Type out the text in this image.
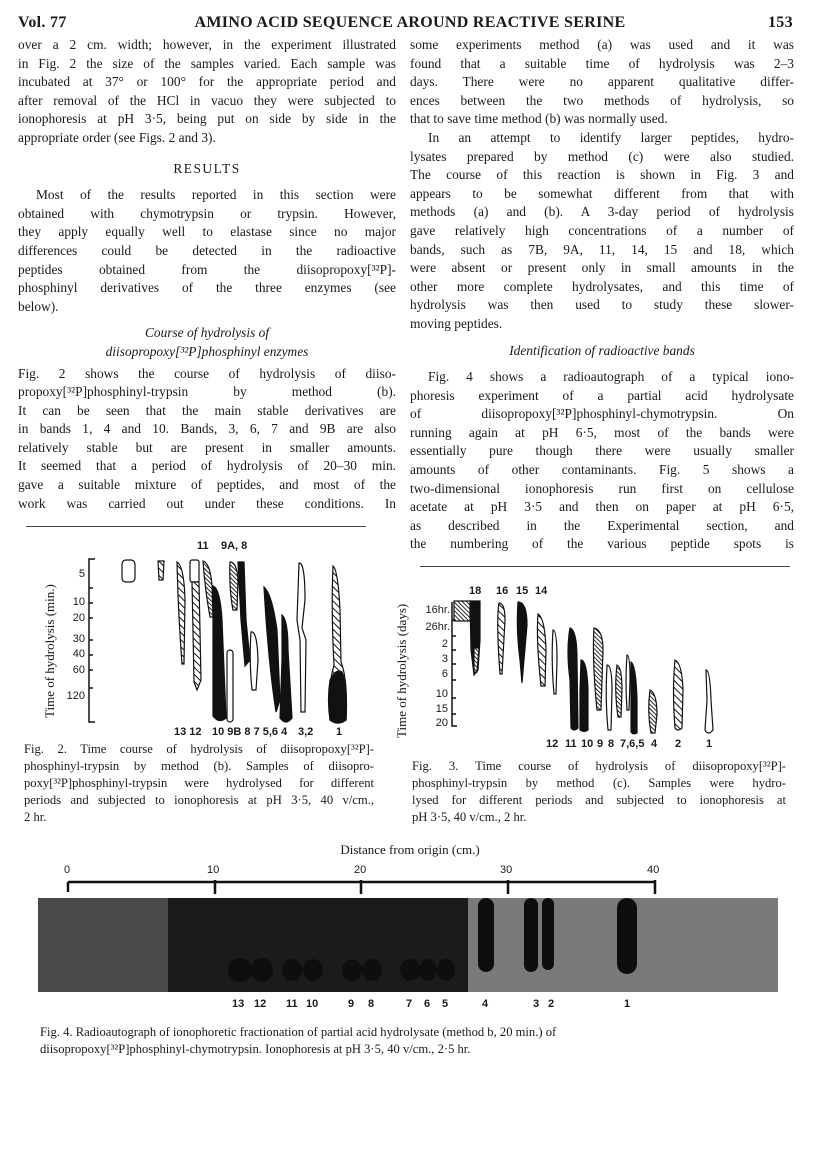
Vol. 77	AMINO ACID SEQUENCE AROUND REACTIVE SERINE	153
over a 2 cm. width; however, in the experiment illustrated
in Fig. 2 the size of the samples varied. Each sample was
incubated at 37° or 100° for the appropriate period and
after removal of the HCl in vacuo they were subjected to
ionophoresis at pH 3·5, being put on side by side in the
appropriate order (see Figs. 2 and 3).
RESULTS
Most of the results reported in this section were
obtained with chymotrypsin or trypsin. However,
they apply equally well to elastase since no major
differences could be detected in the radioactive
peptides obtained from the diisopropoxy[³²P]-
phosphinyl derivatives of the three enzymes (see
below).
Course of hydrolysis of
diisopropoxy[³²P]phosphinyl enzymes
Fig. 2 shows the course of hydrolysis of diiso-
propoxy[³²P]phosphinyl-trypsin by method (b).
It can be seen that the main stable derivatives are
in bands 1, 4 and 10. Bands, 3, 6, 7 and 9B are also
relatively stable but are present in smaller amounts.
It seemed that a period of hydrolysis of 20–30 min.
gave a suitable mixture of peptides, and most of the
work was carried out under these conditions. In
some experiments method (a) was used and it was
found that a suitable time of hydrolysis was 2–3
days. There were no apparent qualitative differ-
ences between the two methods of hydrolysis, so
that to save time method (b) was normally used.
In an attempt to identify larger peptides, hydro-
lysates prepared by method (c) were also studied.
The course of this reaction is shown in Fig. 3 and
appears to be somewhat different from that with
methods (a) and (b). A 3-day period of hydrolysis
gave relatively high concentrations of a number of
bands, such as 7B, 9A, 11, 14, 15 and 18, which
were absent or present only in small amounts in the
other more complete hydrolysates, and this time of
hydrolysis was then used to study these slower-
moving peptides.
Identification of radioactive bands
Fig. 4 shows a radioautograph of a typical iono-
phoresis experiment of a partial acid hydrolysate
of diisopropoxy[³²P]phosphinyl-chymotrypsin. On
running again at pH 6·5, most of the bands were
essentially pure though there were usually smaller
amounts of other contaminants. Fig. 5 shows a
two-dimensional ionophoresis run first on cellulose
acetate at pH 3·5 and then on paper at pH 6·5,
as described in the Experimental section, and
the numbering of the various peptide spots is
Time of hydrolysis (min.)
5
10
20
30
40
60
120
11 9A, 8
13 12 10 9B 8 7 5,6 4 3,2 1
Fig. 2. Time course of hydrolysis of diisopropoxy[³²P]-
phosphinyl-trypsin by method (b). Samples of diisopro-
poxy[³²P]phosphinyl-trypsin were hydrolysed for different
periods and subjected to ionophoresis at pH 3·5, 40 v/cm.,
2 hr.
Time of hydrolysis (days)	16hr.
26hr.
2
3
6
10
15
20
18 16 15 14
12 11 10 9 8 7,6,5 4 2 1
Fig. 3. Time course of hydrolysis of diisopropoxy[³²P]-
phosphinyl-trypsin by method (c). Samples were hydro-
lysed for different periods and subjected to ionophoresis at
pH 3·5, 40 v/cm., 2 hr.
Distance from origin (cm.)
0	10	20	30	40
13 12 11 10	9 8	7 6 5	4	3 2	1
Fig. 4. Radioautograph of ionophoretic fractionation of partial acid hydrolysate (method b, 20 min.) of
diisopropoxy[³²P]phosphinyl-chymotrypsin. Ionophoresis at pH 3·5, 40 v/cm., 2·5 hr.
